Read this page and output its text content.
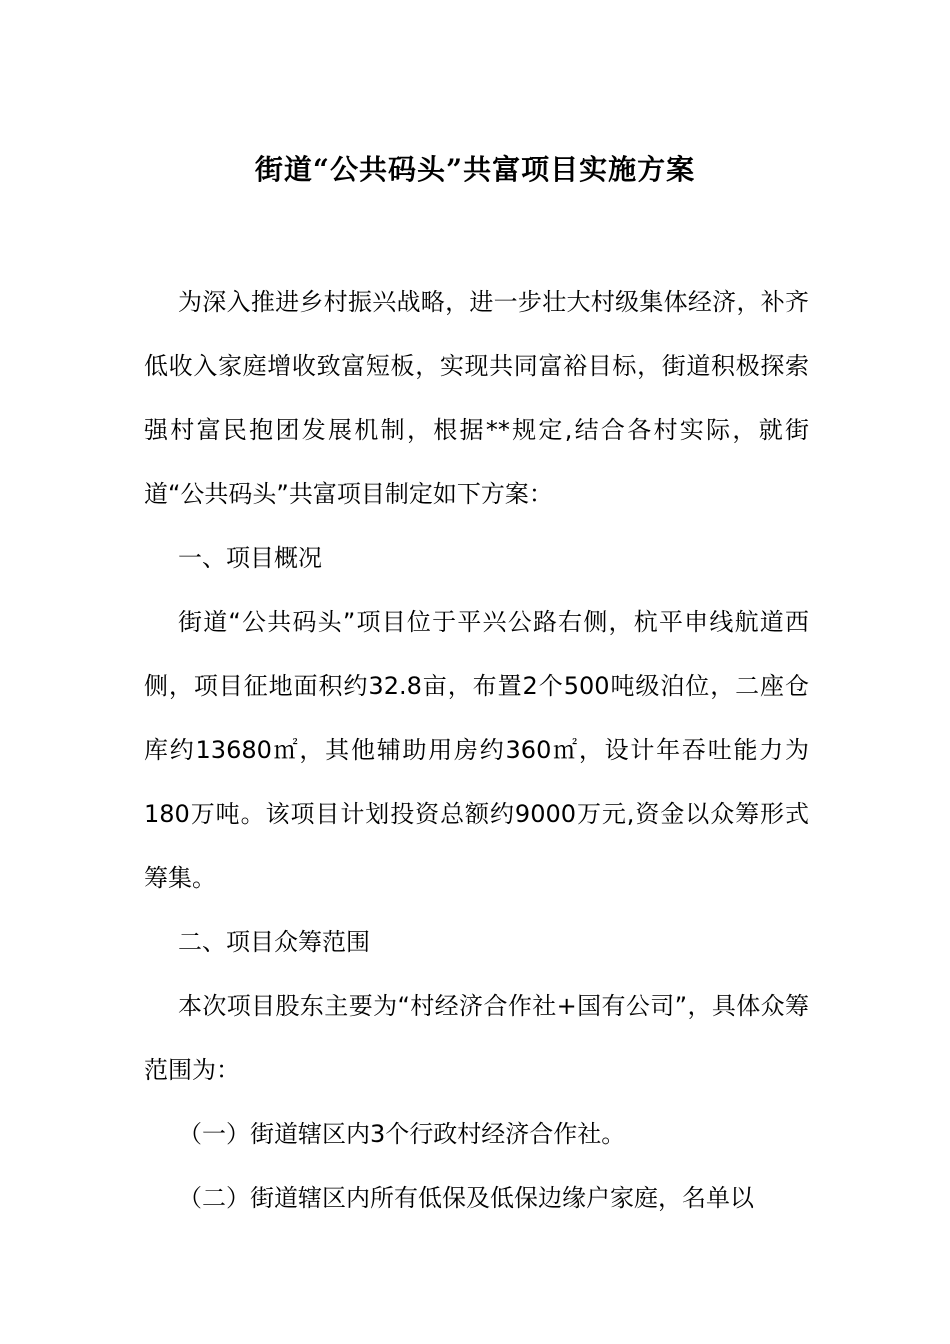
街道“公共码头”共富项目实施方案

为深入推进乡村振兴战略，进一步壮大村级集体经济，补齐低收入家庭增收致富短板，实现共同富裕目标，街道积极探索强村富民抱团发展机制，根据**规定,结合各村实际，就街道“公共码头”共富项目制定如下方案：

一、项目概况

街道“公共码头”项目位于平兴公路右侧，杭平申线航道西侧，项目征地面积约32.8亩，布置2个500吨级泊位，二座仓库约13680㎡，其他辅助用房约360㎡，设计年吞吐能力为180万吨。该项目计划投资总额约9000万元,资金以众筹形式筹集。

二、项目众筹范围

本次项目股东主要为“村经济合作社+国有公司”，具体众筹范围为：

（一）街道辖区内3个行政村经济合作社。

（二）街道辖区内所有低保及低保边缘户家庭，名单以
